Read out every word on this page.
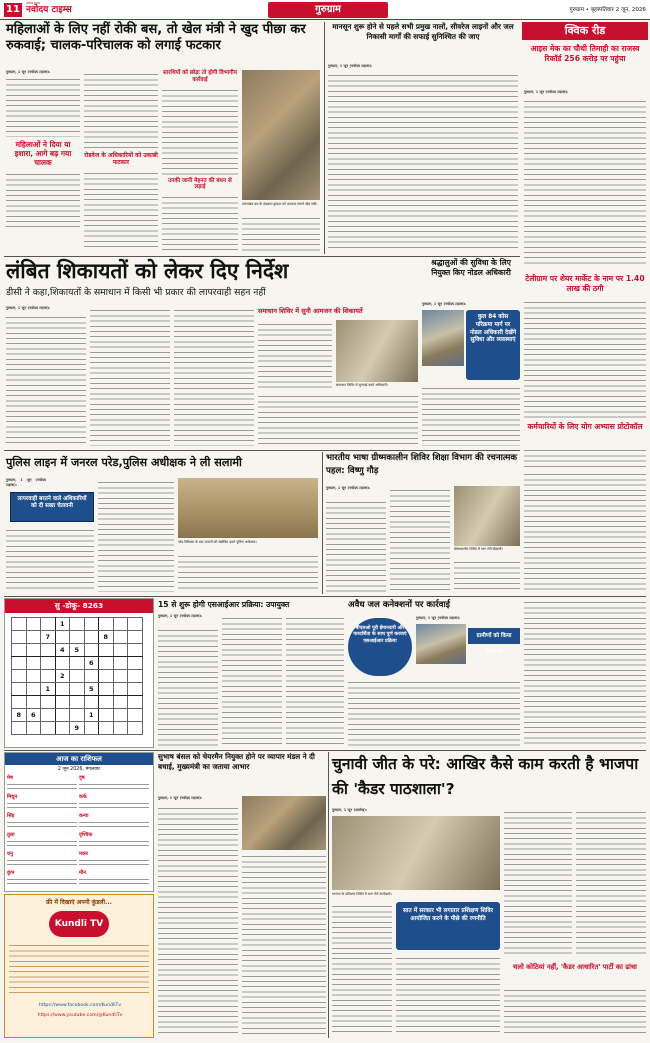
11
नवोदय टाइम्स
नवोदय टाइम्स	गुरुग्राम	गुरुग्राम • बृहस्पतिवार 2 जून, 2026
महिलाओं के लिए नहीं रोकी बस, तो खेल मंत्री ने खुद पीछा कर रुकवाई; चालक-परिचालक को लगाई फटकार
गुरुग्राम, 1 जून (नवोदय टाइम्स):
महिलाओं ने दिया या इशारा, आगे बढ़ गया चालक
रोडवेज के अधिकारियों को उकाबी फटकार
सारथियों को छोड़ा तो होगी विभागीय कार्रवाई
उनकी जानी मेहनत की बंधन से लड़ाई
उत्तराखंड बस के कंडक्टर ड्राइवर को फटकार लगाते खेल मंत्री।
मानसून शुरू होने से पहले सभी प्रमुख नालों, सीवरेज लाइनों और जल निकासी मार्गों की सफाई सुनिश्चित की जाए
गुरुग्राम, 1 जून (नवोदय टाइम्स):
क्विक रीड
आइस मेक का चौथी तिमाही का राजस्व रिकॉर्ड 256 करोड़ पर पहुंचा
गुरुग्राम, 1 जून (नवोदय टाइम्स):
टेलीग्राम पर शेयर मार्केट के नाम पर 1.40 लाख की ठगी
कर्मचारियों के लिए योग अभ्यास प्रोटोकॉल
लंबित शिकायतों को लेकर दिए निर्देश
डीसी ने कहा,शिकायतों के समाधान में किसी भी प्रकार की लापरवाही सहन नहीं
गुरुग्राम, 1 जून (नवोदय टाइम्स):	समाधान शिविर में सुनी आमजन की शिकायतें
समाधान शिविर में सुनवाई करते अधिकारी।
श्रद्धालुओं की सुविधा के लिए नियुक्त किए नोडल अधिकारी
गुरुग्राम, 1 जून (नवोदय टाइम्स):
कुल 84 कोस परिक्रमा मार्ग पर नोडल अधिकारी देखेंगे सुविधा और व्यवस्थाएं
पुलिस लाइन में जनरल परेड,पुलिस अधीक्षक ने ली सलामी
गुरुग्राम, 1 जून (नवोदय टाइम्स):
लापरवाही बरतने वाले अधिकारियों को दी सख्त चेतावनी
परेड निरीक्षण के बाद जवानों को संबोधित करते पुलिस अधीक्षक।
भारतीय भाषा ग्रीष्मकालीन शिविर शिक्षा विभाग की रचनात्मक पहल: विष्णु गौड़
गुरुग्राम, 1 जून (नवोदय टाइम्स):
ग्रीष्मकालीन शिविर में भाग लेते विद्यार्थी।
सु -डोकू- 8263
			1					
		7				8		
			4	5				
					6			
			2					
		1			5			

8	6				1			
				9				
15 से शुरू होगी एसआईआर प्रक्रिया: उपायुक्त
गुरुग्राम, 1 जून (नवोदय टाइम्स):
अवैध जल कनेक्शनों पर कार्रवाई
बीएलओ पूरी ईमानदारी और पारदर्शिता के साथ पूर्ण करवाएं एसआईआर प्रक्रिया
गुरुग्राम, 1 जून (नवोदय टाइम्स):
ग्रामीणों को किया जागरूक
आज का राशिफल
2 जून 2026, मंगलवार
मेष	वृष
मिथुन	कर्क
सिंह	कन्या
तुला	वृश्चिक
धनु	मकर
कुंभ	मीन
फ्री में दिखाएं अपनी कुंडली...
Kundli TV
https://www.facebook.com/KundliTv
https://www.youtube.com/@KundliTv
सुभाष बंसल को चेयरमैन नियुक्त होने पर व्यापार मंडल ने दी बधाई, मुख्यमंत्री का जताया आभार
गुरुग्राम, 1 जून (नवोदय टाइम्स):
चुनावी जीत के परे: आखिर कैसे काम करती है भाजपा की 'कैडर पाठशाला'?
गुरुग्राम, 1 जून (आलेख):
भाजपा के प्रशिक्षण शिविर में भाग लेते कार्यकर्ता।
सात में सरकार भी लगातार प्रशिक्षण शिविर आयोजित करने के पीछे की रणनीति
चलो कोठियां नहीं, 'कैडर आधारित' पार्टी का ढांचा
